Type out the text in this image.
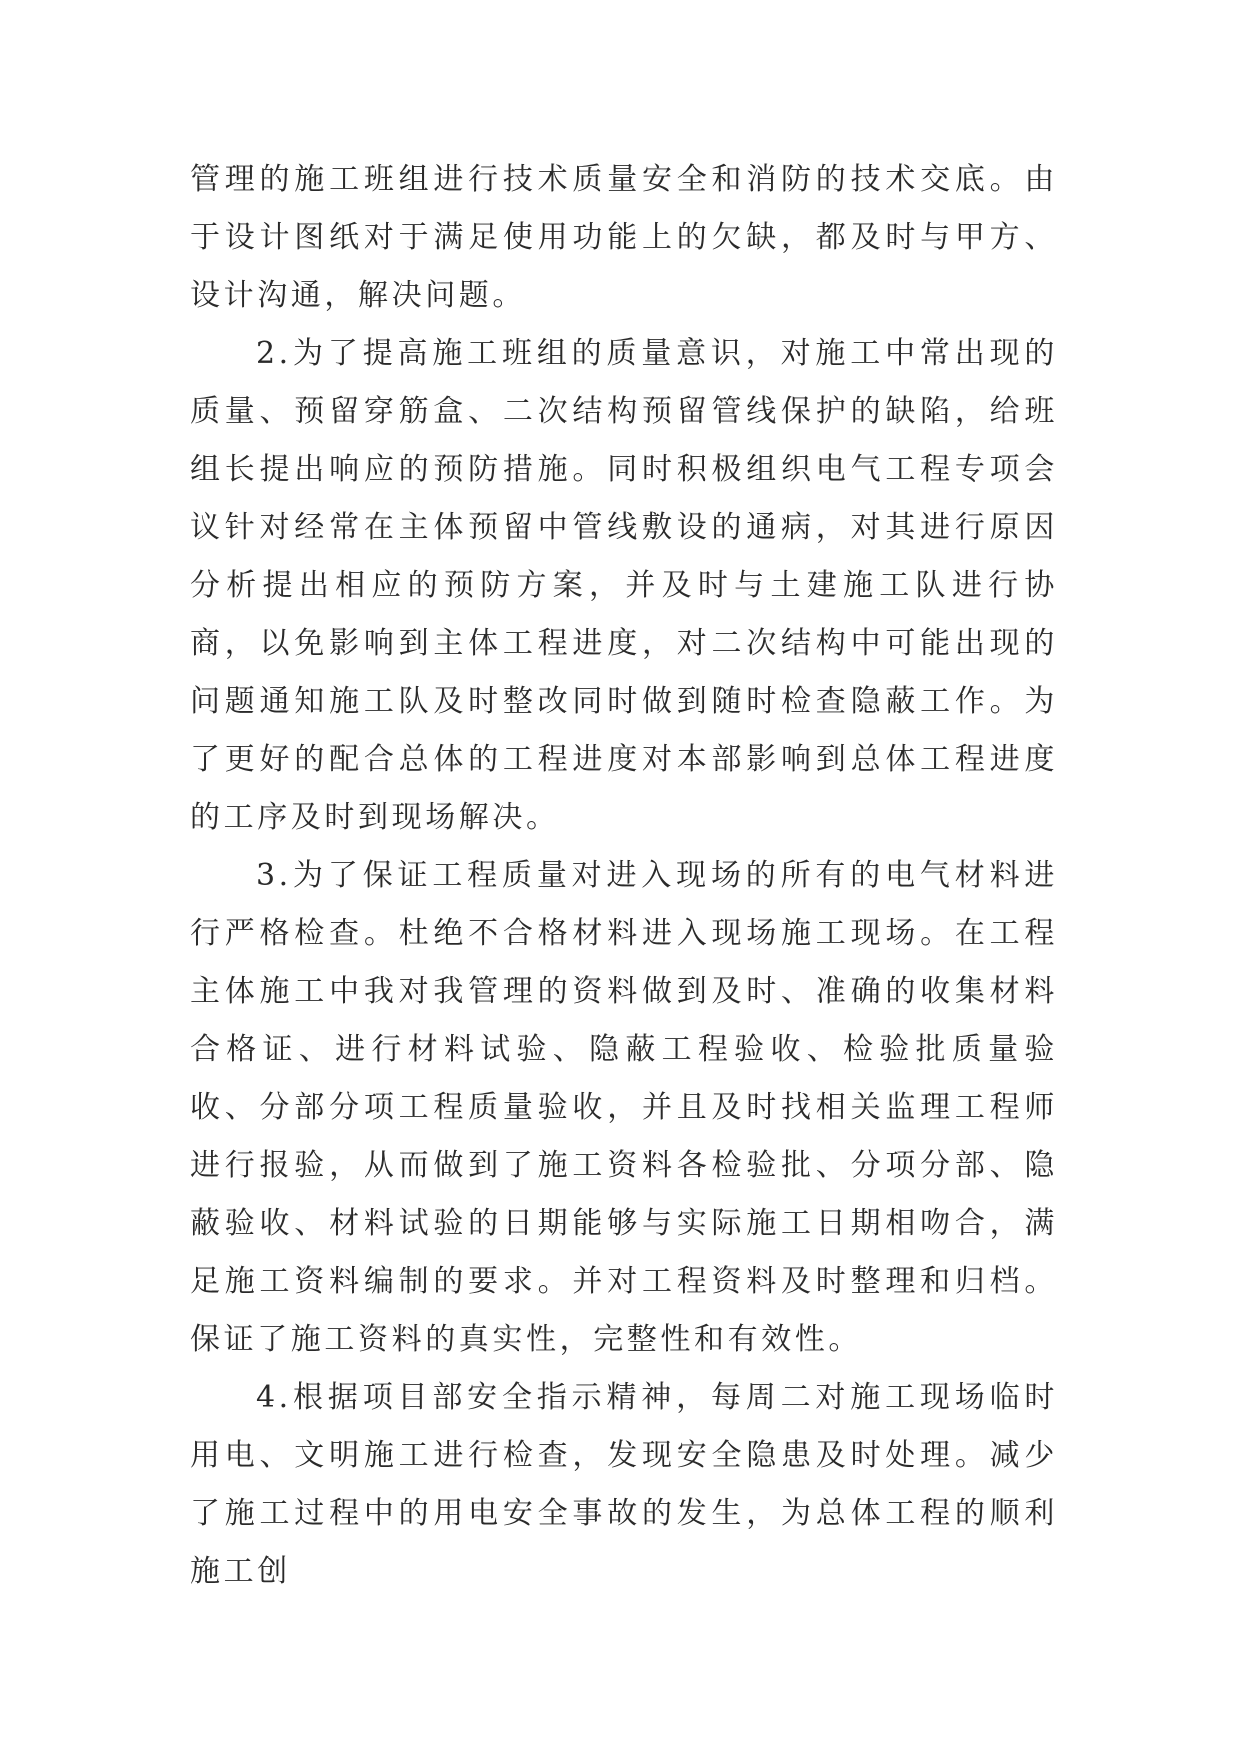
管理的施工班组进行技术质量安全和消防的技术交底。由于设计图纸对于满足使用功能上的欠缺，都及时与甲方、设计沟通，解决问题。

2.为了提高施工班组的质量意识，对施工中常出现的质量、预留穿筋盒、二次结构预留管线保护的缺陷，给班组长提出响应的预防措施。同时积极组织电气工程专项会议针对经常在主体预留中管线敷设的通病，对其进行原因分析提出相应的预防方案，并及时与土建施工队进行协商，以免影响到主体工程进度，对二次结构中可能出现的问题通知施工队及时整改同时做到随时检查隐蔽工作。为了更好的配合总体的工程进度对本部影响到总体工程进度的工序及时到现场解决。

3.为了保证工程质量对进入现场的所有的电气材料进行严格检查。杜绝不合格材料进入现场施工现场。在工程主体施工中我对我管理的资料做到及时、准确的收集材料合格证、进行材料试验、隐蔽工程验收、检验批质量验收、分部分项工程质量验收，并且及时找相关监理工程师进行报验，从而做到了施工资料各检验批、分项分部、隐蔽验收、材料试验的日期能够与实际施工日期相吻合，满足施工资料编制的要求。并对工程资料及时整理和归档。保证了施工资料的真实性，完整性和有效性。

4.根据项目部安全指示精神，每周二对施工现场临时用电、文明施工进行检查，发现安全隐患及时处理。减少了施工过程中的用电安全事故的发生，为总体工程的顺利施工创
